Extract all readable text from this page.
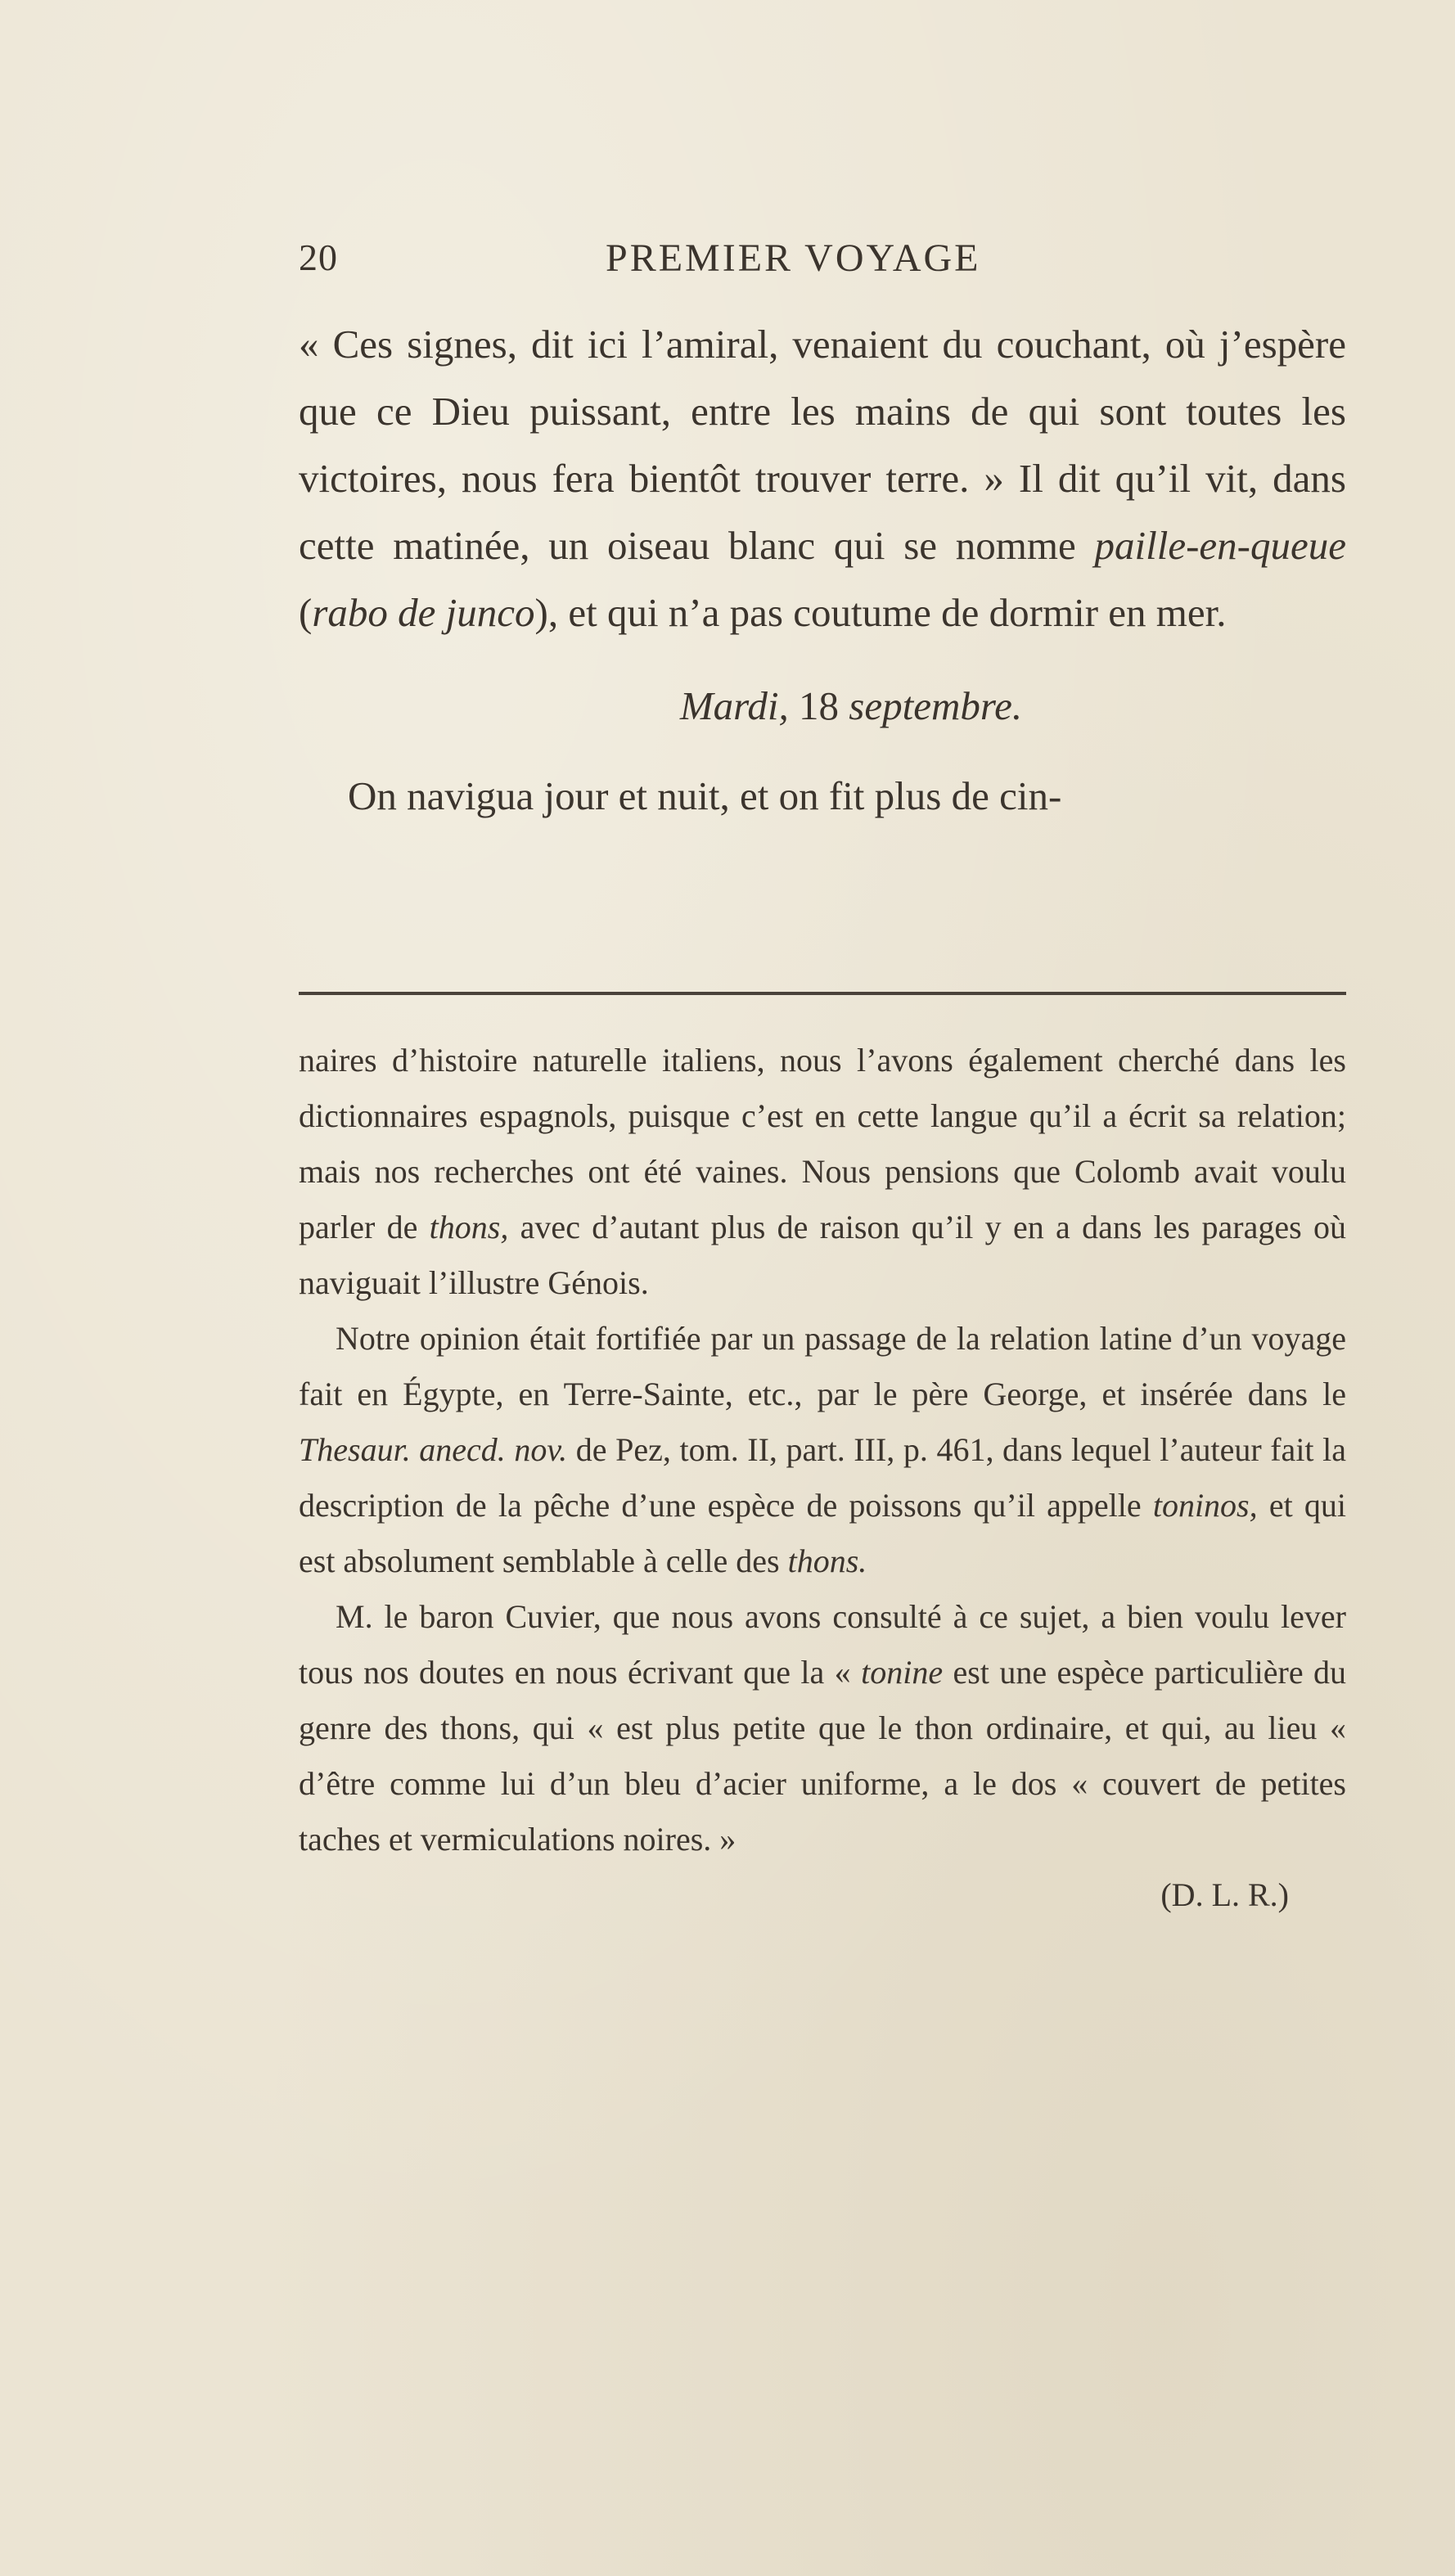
20	PREMIER VOYAGE

« Ces signes, dit ici l’amiral, venaient du couchant, où j’espère que ce Dieu puissant, entre les mains de qui sont toutes les victoires, nous fera bientôt trouver terre. » Il dit qu’il vit, dans cette matinée, un oiseau blanc qui se nomme paille-en-queue (rabo de junco), et qui n’a pas coutume de dormir en mer.

Mardi, 18 septembre.

On navigua jour et nuit, et on fit plus de cin-

naires d’histoire naturelle italiens, nous l’avons également cherché dans les dictionnaires espagnols, puisque c’est en cette langue qu’il a écrit sa relation; mais nos recherches ont été vaines. Nous pensions que Colomb avait voulu parler de thons, avec d’autant plus de raison qu’il y en a dans les parages où naviguait l’illustre Génois.

Notre opinion était fortifiée par un passage de la relation latine d’un voyage fait en Égypte, en Terre-Sainte, etc., par le père George, et insérée dans le Thesaur. anecd. nov. de Pez, tom. II, part. III, p. 461, dans lequel l’auteur fait la description de la pêche d’une espèce de poissons qu’il appelle toninos, et qui est absolument semblable à celle des thons.

M. le baron Cuvier, que nous avons consulté à ce sujet, a bien voulu lever tous nos doutes en nous écrivant que la « tonine est une espèce particulière du genre des thons, qui « est plus petite que le thon ordinaire, et qui, au lieu « d’être comme lui d’un bleu d’acier uniforme, a le dos « couvert de petites taches et vermiculations noires. »

(D. L. R.)
